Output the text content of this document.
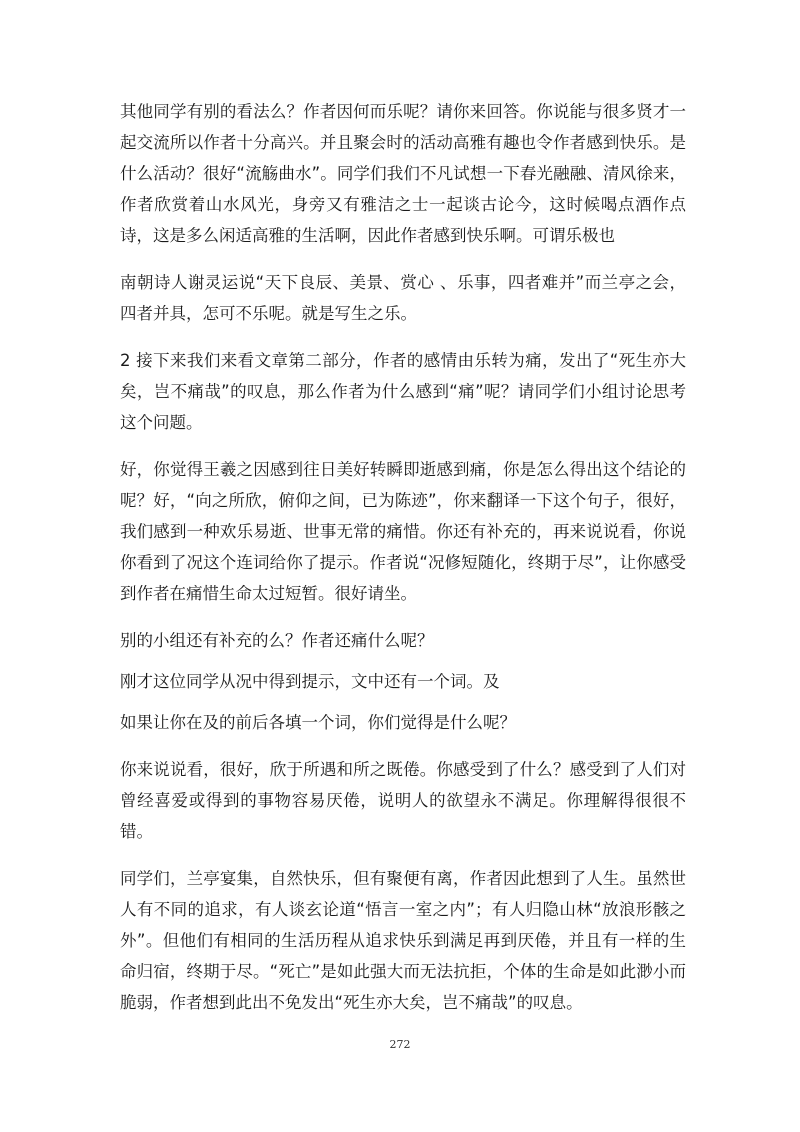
其他同学有别的看法么？作者因何而乐呢？请你来回答。你说能与很多贤才一起交流所以作者十分高兴。并且聚会时的活动高雅有趣也令作者感到快乐。是什么活动？很好“流觞曲水”。同学们我们不凡试想一下春光融融、清风徐来，作者欣赏着山水风光，身旁又有雅洁之士一起谈古论今，这时候喝点酒作点诗，这是多么闲适高雅的生活啊，因此作者感到快乐啊。可谓乐极也

南朝诗人谢灵运说“天下良辰、美景、赏心 、乐事，四者难并”而兰亭之会，四者并具，怎可不乐呢。就是写生之乐。

2 接下来我们来看文章第二部分，作者的感情由乐转为痛，发出了“死生亦大矣，岂不痛哉”的叹息，那么作者为什么感到“痛”呢？请同学们小组讨论思考这个问题。

好，你觉得王羲之因感到往日美好转瞬即逝感到痛，你是怎么得出这个结论的呢？好，“向之所欣，俯仰之间，已为陈迹”，你来翻译一下这个句子，很好，我们感到一种欢乐易逝、世事无常的痛惜。你还有补充的，再来说说看，你说你看到了况这个连词给你了提示。作者说“况修短随化，终期于尽”，让你感受到作者在痛惜生命太过短暂。很好请坐。

别的小组还有补充的么？作者还痛什么呢？

刚才这位同学从况中得到提示，文中还有一个词。及

如果让你在及的前后各填一个词，你们觉得是什么呢？

你来说说看，很好，欣于所遇和所之既倦。你感受到了什么？感受到了人们对曾经喜爱或得到的事物容易厌倦，说明人的欲望永不满足。你理解得很很不错。

同学们，兰亭宴集，自然快乐，但有聚便有离，作者因此想到了人生。虽然世人有不同的追求，有人谈玄论道“悟言一室之内”；有人归隐山林“放浪形骸之外”。但他们有相同的生活历程从追求快乐到满足再到厌倦，并且有一样的生命归宿，终期于尽。“死亡”是如此强大而无法抗拒，个体的生命是如此渺小而脆弱，作者想到此出不免发出“死生亦大矣，岂不痛哉”的叹息。

272
